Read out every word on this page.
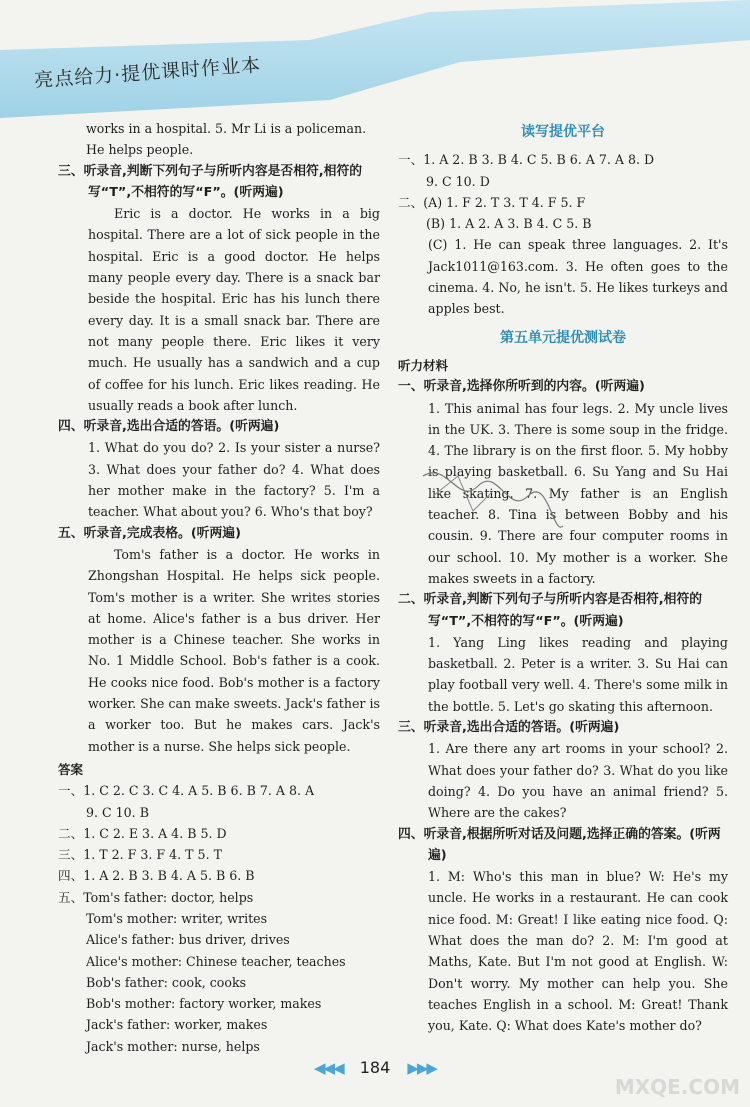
亮点给力·提优课时作业本

works in a hospital. 5. Mr Li is a policeman.

He helps people.

三、听录音,判断下列句子与所听内容是否相符,相符的写“T”,不相符的写“F”。(听两遍)

Eric is a doctor. He works in a big hospital. There are a lot of sick people in the hospital. Eric is a good doctor. He helps many people every day. There is a snack bar beside the hospital. Eric has his lunch there every day. It is a small snack bar. There are not many people there. Eric likes it very much. He usually has a sandwich and a cup of coffee for his lunch. Eric likes reading. He usually reads a book after lunch.

四、听录音,选出合适的答语。(听两遍)

1. What do you do? 2. Is your sister a nurse? 3. What does your father do? 4. What does her mother make in the factory? 5. I'm a teacher. What about you? 6. Who's that boy?

五、听录音,完成表格。(听两遍)

Tom's father is a doctor. He works in Zhongshan Hospital. He helps sick people. Tom's mother is a writer. She writes stories at home. Alice's father is a bus driver. Her mother is a Chinese teacher. She works in No. 1 Middle School. Bob's father is a cook. He cooks nice food. Bob's mother is a factory worker. She can make sweets. Jack's father is a worker too. But he makes cars. Jack's mother is a nurse. She helps sick people.

答案

一、1. C 2. C 3. C 4. A 5. B 6. B 7. A 8. A

9. C 10. B

二、1. C 2. E 3. A 4. B 5. D

三、1. T 2. F 3. F 4. T 5. T

四、1. A 2. B 3. B 4. A 5. B 6. B

五、Tom's father: doctor, helps

Tom's mother: writer, writes

Alice's father: bus driver, drives

Alice's mother: Chinese teacher, teaches

Bob's father: cook, cooks

Bob's mother: factory worker, makes

Jack's father: worker, makes

Jack's mother: nurse, helps

读写提优平台

一、1. A 2. B 3. B 4. C 5. B 6. A 7. A 8. D

9. C 10. D

二、(A) 1. F 2. T 3. T 4. F 5. F

(B) 1. A 2. A 3. B 4. C 5. B

(C) 1. He can speak three languages. 2. It's Jack1011@163.com. 3. He often goes to the cinema. 4. No, he isn't. 5. He likes turkeys and apples best.

第五单元提优测试卷

听力材料

一、听录音,选择你所听到的内容。(听两遍)

1. This animal has four legs. 2. My uncle lives in the UK. 3. There is some soup in the fridge. 4. The library is on the first floor. 5. My hobby is playing basketball. 6. Su Yang and Su Hai like skating. 7. My father is an English teacher. 8. Tina is between Bobby and his cousin. 9. There are four computer rooms in our school. 10. My mother is a worker. She makes sweets in a factory.

二、听录音,判断下列句子与所听内容是否相符,相符的写“T”,不相符的写“F”。(听两遍)

1. Yang Ling likes reading and playing basketball. 2. Peter is a writer. 3. Su Hai can play football very well. 4. There's some milk in the bottle. 5. Let's go skating this afternoon.

三、听录音,选出合适的答语。(听两遍)

1. Are there any art rooms in your school? 2. What does your father do? 3. What do you like doing? 4. Do you have an animal friend? 5. Where are the cakes?

四、听录音,根据所听对话及问题,选择正确的答案。(听两遍)

1. M: Who's this man in blue? W: He's my uncle. He works in a restaurant. He can cook nice food. M: Great! I like eating nice food. Q: What does the man do? 2. M: I'm good at Maths, Kate. But I'm not good at English. W: Don't worry. My mother can help you. She teaches English in a school. M: Great! Thank you, Kate. Q: What does Kate's mother do?

◀◀◀ 184 ▶▶▶
MXQE.COM
